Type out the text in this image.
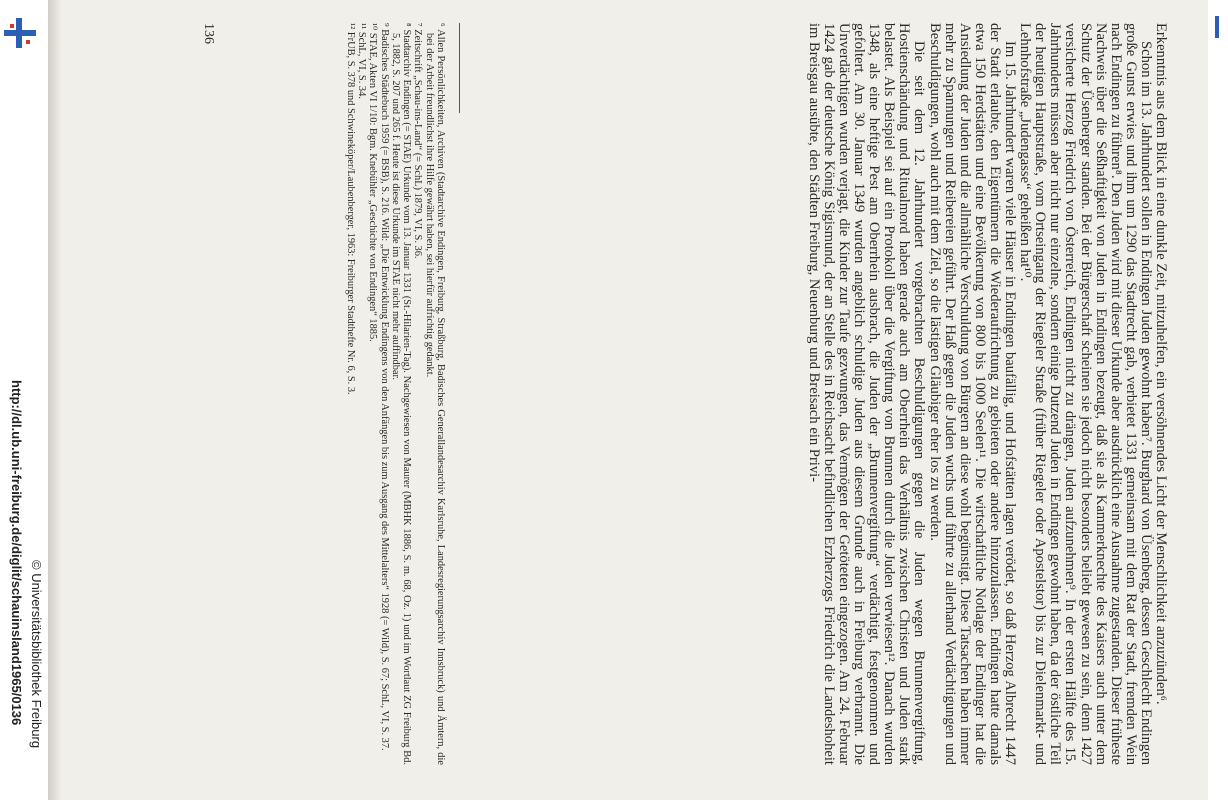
Erkenntnis aus dem Blick in eine dunkle Zeit, mitzuhelfen, ein versöhnendes Licht der Menschlichkeit anzuzünden⁶.

Schon im 13. Jahrhundert sollen in Endingen Juden gewohnt haben⁷. Burghard von Üsenberg, dessen Geschlecht Endingen große Gunst erwies und ihm um 1290 das Stadtrecht gab, verbietet 1331 gemeinsam mit dem Rat der Stadt, fremden Wein nach Endingen zu führen⁸. Den Juden wird mit dieser Urkunde aber ausdrücklich eine Ausnahme zugestanden. Dieser früheste Nachweis über die Seßhaftigkeit von Juden in Endingen bezeugt, daß sie als Kammerknechte des Kaisers auch unter dem Schutz der Üsenberger standen. Bei der Bürgerschaft scheinen sie jedoch nicht besonders beliebt gewesen zu sein, denn 1427 versicherte Herzog Friedrich von Österreich, Endingen nicht zu drängen, Juden aufzunehmen⁹. In der ersten Hälfte des 15. Jahrhunderts müssen aber nicht nur einzelne, sondern einige Dutzend Juden in Endingen gewohnt haben, da der östliche Teil der heutigen Hauptstraße, vom Ortseingang der Riegeler Straße (früher Riegeler oder Apostelstor) bis zur Dielenmarkt- und Lehnhofstraße „Judengasse“ geheißen hat¹⁰.

Im 15. Jahrhundert waren viele Häuser in Endingen baufällig, und Hofstätten lagen verödet, so daß Herzog Albrecht 1447 der Stadt erlaubte, den Eigentümern die Wiederaufrichtung zu gebieten oder andere hinzuzulassen. Endingen hatte damals etwa 150 Herdstätten und eine Bevölkerung von 800 bis 1000 Seelen¹¹. Die wirtschaftliche Notlage der Endinger hat die Ansiedlung der Juden und die allmähliche Verschuldung von Bürgern an diese wohl begünstigt. Diese Tatsachen haben immer mehr zu Spannungen und Reibereien geführt. Der Haß gegen die Juden wuchs und führte zu allerhand Verdächtigungen und Beschuldigungen, wohl auch mit dem Ziel, so die lästigen Gläubiger eher los zu werden.

Die seit dem 12. Jahrhundert vorgebrachten Beschuldigungen gegen die Juden wegen Brunnenvergiftung, Hostienschändung und Ritualmord haben gerade auch am Oberrhein das Verhältnis zwischen Christen und Juden stark belastet. Als Beispiel sei auf ein Protokoll über die Vergiftung von Brunnen durch die Juden verwiesen¹². Danach wurden 1348, als eine heftige Pest am Oberrhein ausbrach, die Juden der „Brunnenvergiftung“ verdächtigt, festgenommen und gefoltert. Am 30. Januar 1349 wurden angeblich schuldige Juden aus diesem Grunde auch in Freiburg verbrannt. Die Unverdächtigen wurden verjagt, die Kinder zur Taufe gezwungen, das Vermögen der Getöteten eingezogen. Am 24. Februar 1424 gab der deutsche König Sigismund, der an Stelle des in Reichsacht befindlichen Erzherzogs Friedrich die Landeshoheit im Breisgau ausübte, den Städten Freiburg, Neuenburg und Breisach ein Privi-

⁶ Allen Persönlichkeiten, Archiven (Stadtarchive Endingen, Freiburg, Straßburg, Badisches Generallandesarchiv Karlsruhe, Landesregierungsarchiv Innsbruck) und Ämtern, die bei der Arbeit freundlichst ihre Hilfe gewährt haben, sei hierfür aufrichtig gedankt.
⁷ Zeitschrift „Schau-ins-Land“ (= SchL) 1879, VI, S. 36.
⁸ Stadtarchiv Endingen (= STAE) Urkunde vom 13. Januar 1331 (St.-Hilarien-Tag). Nachgewiesen von Maurer (MBHK 1886, S. m. 68, Oz. 1) und im Wortlaut ZG Freiburg Bd. 5, 1882, S. 207 und 265 f. Heute ist diese Urkunde im STAE nicht mehr auffindbar.
⁹ Badisches Städtebuch 1959 (= BSB), S. 216. Wild: „Die Entwicklung Endingens von den Anfängen bis zum Ausgang des Mittelalters“ 1928 (= Wild), S. 67; SchL, VI, S. 37.
¹⁰ STAE, Akten VI 1/10: Bgm. Knebühler „Geschichte von Endingen“ 1885.
¹¹ SchL, VI, S. 34.
¹² FrUB, S. 378 und Schwineköper/Laubenberger, 1963: Freiburger Stadthefte Nr. 6, S. 3.
136
http://dl.ub.uni-freiburg.de/diglit/schauinsland1965/0136 © Universitätsbibliothek Freiburg
